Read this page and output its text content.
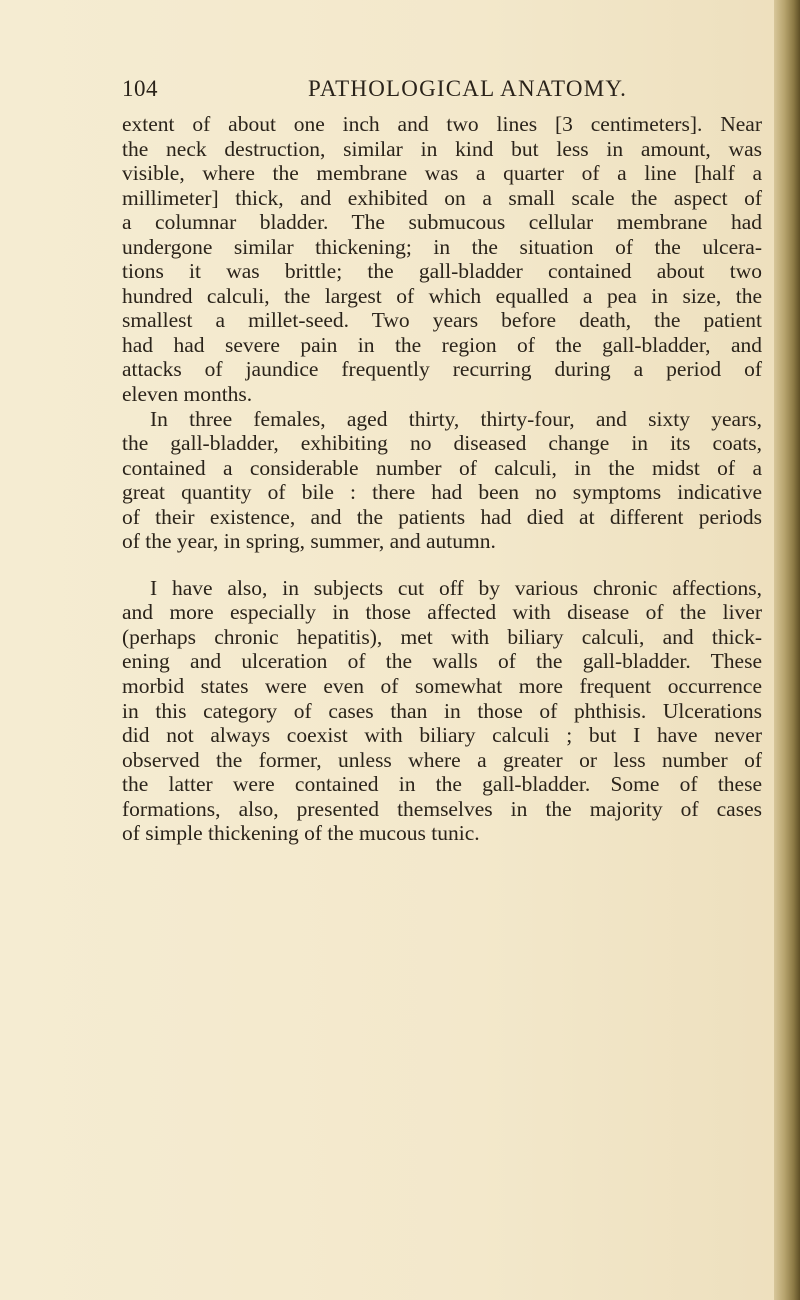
104	PATHOLOGICAL ANATOMY.
extent of about one inch and two lines [3 centimeters]. Near
the neck destruction, similar in kind but less in amount, was
visible, where the membrane was a quarter of a line [half a
millimeter] thick, and exhibited on a small scale the aspect of
a columnar bladder. The submucous cellular membrane had
undergone similar thickening; in the situation of the ulcera-
tions it was brittle; the gall-bladder contained about two
hundred calculi, the largest of which equalled a pea in size, the
smallest a millet-seed. Two years before death, the patient
had had severe pain in the region of the gall-bladder, and
attacks of jaundice frequently recurring during a period of
eleven months.
In three females, aged thirty, thirty-four, and sixty years,
the gall-bladder, exhibiting no diseased change in its coats,
contained a considerable number of calculi, in the midst of a
great quantity of bile : there had been no symptoms indicative
of their existence, and the patients had died at different periods
of the year, in spring, summer, and autumn.
I have also, in subjects cut off by various chronic affections,
and more especially in those affected with disease of the liver
(perhaps chronic hepatitis), met with biliary calculi, and thick-
ening and ulceration of the walls of the gall-bladder. These
morbid states were even of somewhat more frequent occurrence
in this category of cases than in those of phthisis. Ulcerations
did not always coexist with biliary calculi ; but I have never
observed the former, unless where a greater or less number of
the latter were contained in the gall-bladder. Some of these
formations, also, presented themselves in the majority of cases
of simple thickening of the mucous tunic.
